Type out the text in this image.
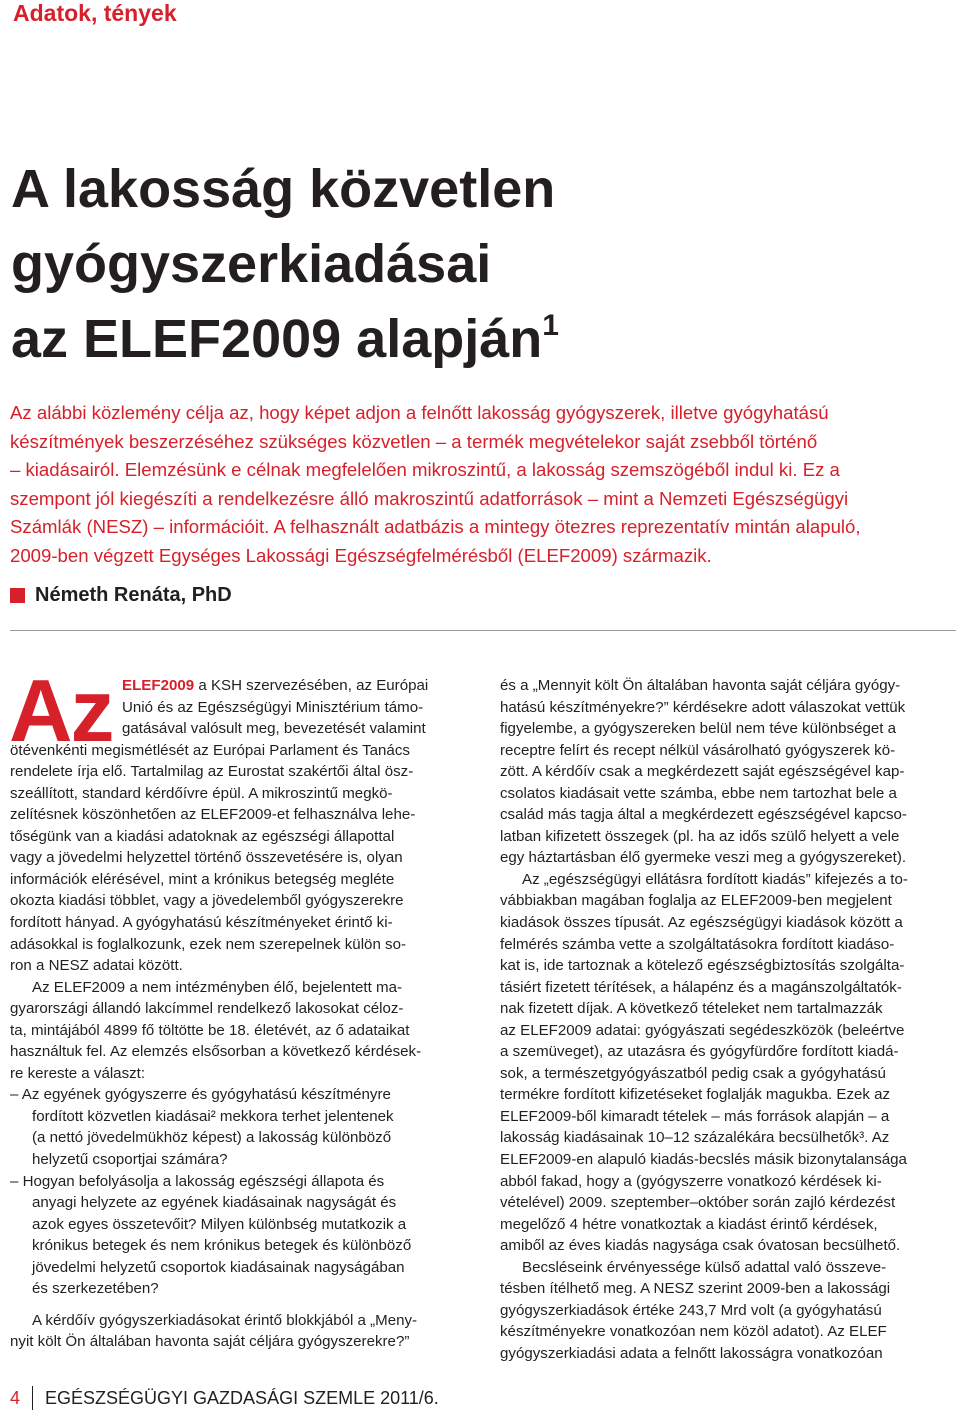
Adatok, tények
A lakosság közvetlen
gyógyszerkiadásai
az ELEF2009 alapján$^1$
Az alábbi közlemény célja az, hogy képet adjon a felnőtt lakosság gyógyszerek, illetve gyógyhatású
készítmények beszerzéséhez szükséges közvetlen – a termék megvételekor saját zsebből történő
– kiadásairól. Elemzésünk e célnak megfelelően mikroszintű, a lakosság szemszögéből indul ki. Ez a
szempont jól kiegészíti a rendelkezésre álló makroszintű adatforrások – mint a Nemzeti Egészségügyi
Számlák (NESZ) – információit. A felhasznált adatbázis a mintegy ötezres reprezentatív mintán alapuló,
2009-ben végzett Egységes Lakossági Egészségfelmérésből (ELEF2009) származik.
Németh Renáta, PhD
Az ELEF2009 a KSH szervezésében, az Európai
Unió és az Egészségügyi Minisztérium támo-
gatásával valósult meg, bevezetését valamint
ötévenkénti megismétlését az Európai Parlament és Tanács
rendelete írja elő. Tartalmilag az Eurostat szakértői által ösz-
szeállított, standard kérdőívre épül. A mikroszintű megkö-
zelítésnek köszönhetően az ELEF2009-et felhasználva lehe-
tőségünk van a kiadási adatoknak az egészségi állapottal
vagy a jövedelmi helyzettel történő összevetésére is, olyan
információk elérésével, mint a krónikus betegség megléte
okozta kiadási többlet, vagy a jövedelemből gyógyszerekre
fordított hányad. A gyógyhatású készítményeket érintő ki-
adásokkal is foglalkozunk, ezek nem szerepelnek külön so-
ron a NESZ adatai között.
Az ELEF2009 a nem intézményben élő, bejelentett ma-
gyarországi állandó lakcímmel rendelkező lakosokat céloz-
ta, mintájából 4899 fő töltötte be 18. életévét, az ő adataikat
használtuk fel. Az elemzés elsősorban a következő kérdések-
re kereste a választ:
– Az egyének gyógyszerre és gyógyhatású készítményre
fordított közvetlen kiadásai² mekkora terhet jelentenek
(a nettó jövedelmükhöz képest) a lakosság különböző
helyzetű csoportjai számára?
– Hogyan befolyásolja a lakosság egészségi állapota és
anyagi helyzete az egyének kiadásainak nagyságát és
azok egyes összetevőit? Milyen különbség mutatkozik a
krónikus betegek és nem krónikus betegek és különböző
jövedelmi helyzetű csoportok kiadásainak nagyságában
és szerkezetében?
A kérdőív gyógyszerkiadásokat érintő blokkjából a „Meny-
nyit költ Ön általában havonta saját céljára gyógyszerekre?”
és a „Mennyit költ Ön általában havonta saját céljára gyógy-
hatású készítményekre?” kérdésekre adott válaszokat vettük
figyelembe, a gyógyszereken belül nem téve különbséget a
receptre felírt és recept nélkül vásárolható gyógyszerek kö-
zött. A kérdőív csak a megkérdezett saját egészségével kap-
csolatos kiadásait vette számba, ebbe nem tartozhat bele a
család más tagja által a megkérdezett egészségével kapcso-
latban kifizetett összegek (pl. ha az idős szülő helyett a vele
egy háztartásban élő gyermeke veszi meg a gyógyszereket).
Az „egészségügyi ellátásra fordított kiadás” kifejezés a to-
vábbiakban magában foglalja az ELEF2009-ben megjelent
kiadások összes típusát. Az egészségügyi kiadások között a
felmérés számba vette a szolgáltatásokra fordított kiadáso-
kat is, ide tartoznak a kötelező egészségbiztosítás szolgálta-
tásiért fizetett térítések, a hálapénz és a magánszolgáltatók-
nak fizetett díjak. A következő tételeket nem tartalmazzák
az ELEF2009 adatai: gyógyászati segédeszközök (beleértve
a szemüveget), az utazásra és gyógyfürdőre fordított kiadá-
sok, a természetgyógyászatból pedig csak a gyógyhatású
termékre fordított kifizetéseket foglalják magukba. Ezek az
ELEF2009-ből kimaradt tételek – más források alapján – a
lakosság kiadásainak 10–12 százalékára becsülhetők³. Az
ELEF2009-en alapuló kiadás-becslés másik bizonytalansága
abból fakad, hogy a (gyógyszerre vonatkozó kérdések ki-
vételével) 2009. szeptember–október során zajló kérdezést
megelőző 4 hétre vonatkoztak a kiadást érintő kérdések,
amiből az éves kiadás nagysága csak óvatosan becsülhető.
Becsléseink érvényessége külső adattal való összeve-
tésben ítélhető meg. A NESZ szerint 2009-ben a lakossági
gyógyszerkiadások értéke 243,7 Mrd volt (a gyógyhatású
készítményekre vonatkozóan nem közöl adatot). Az ELEF
gyógyszerkiadási adata a felnőtt lakosságra vonatkozóan
4 EGÉSZSÉGÜGYI GAZDASÁGI SZEMLE 2011/6.
